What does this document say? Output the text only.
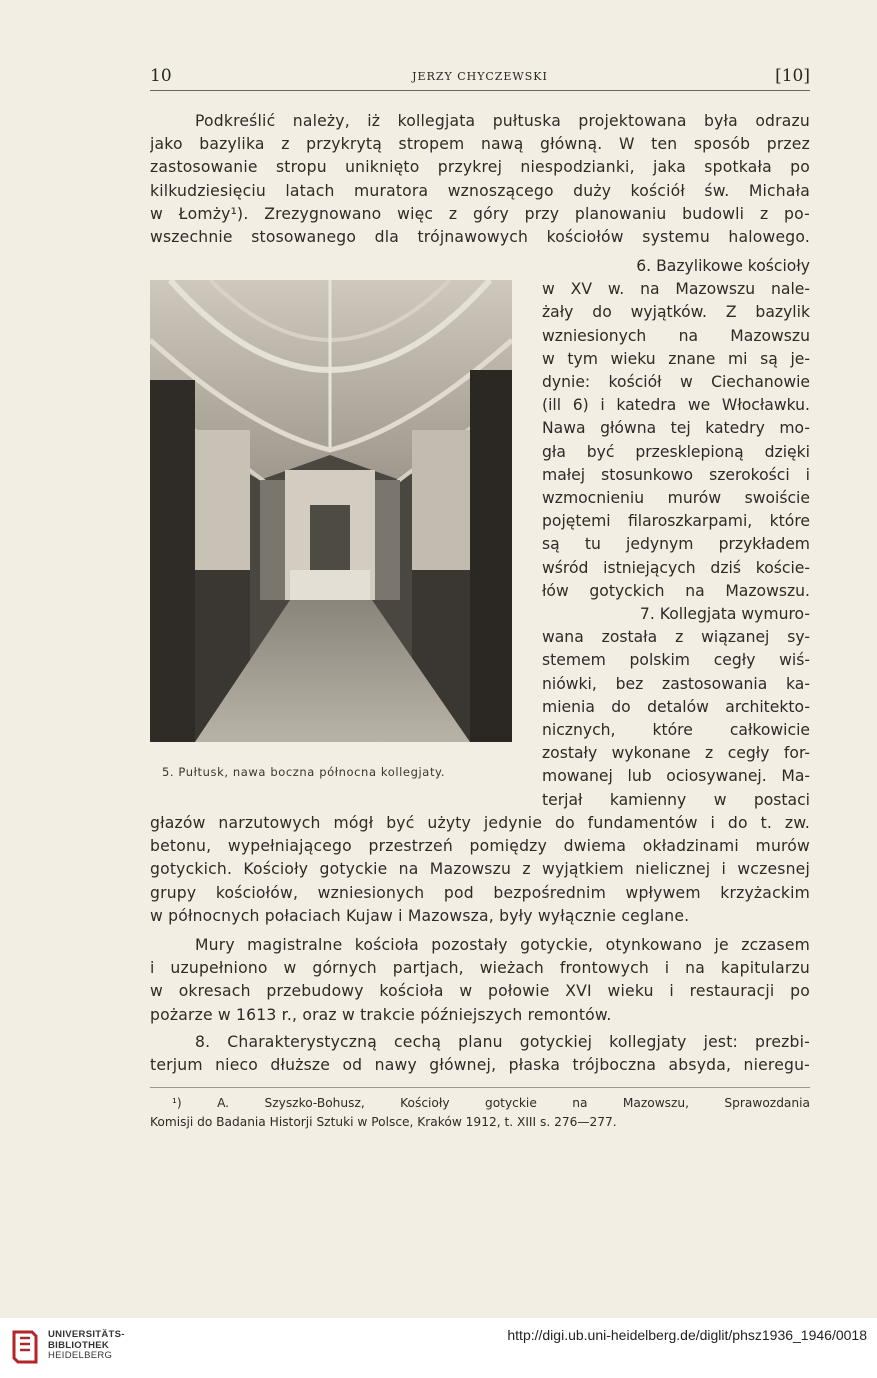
10	JERZY CHYCZEWSKI	[10]
Podkreślić należy, iż kollegjata pułtuska projektowana była odrazu
jako bazylika z przykrytą stropem nawą główną. W ten sposób przez
zastosowanie stropu uniknięto przykrej niespodzianki, jaka spotkała po
kilkudziesięciu latach muratora wznoszącego duży kościół św. Michała
w Łomży¹). Zrezygnowano więc z góry przy planowaniu budowli z po-
wszechnie stosowanego dla trójnawowych kościołów systemu halowego.
5. Pułtusk, nawa boczna północna kollegjaty.
6. Bazylikowe kościoły
w XV w. na Mazowszu nale-
żały do wyjątków. Z bazylik
wzniesionych na Mazowszu
w tym wieku znane mi są je-
dynie: kościół w Ciechanowie
(ill 6) i katedra we Włocławku.
Nawa główna tej katedry mo-
gła być przesklepioną dzięki
małej stosunkowo szerokości i
wzmocnieniu murów swoiście
pojętemi filaroszkarpami, które
są tu jedynym przykładem
wśród istniejących dziś koście-
łów gotyckich na Mazowszu.
7. Kollegjata wymuro-
wana została z wiązanej sy-
stemem polskim cegły wiś-
niówki, bez zastosowania ka-
mienia do detalów architekto-
nicznych, które całkowicie
zostały wykonane z cegły for-
mowanej lub ociosywanej. Ma-
terjał kamienny w postaci
głazów narzutowych mógł być użyty jedynie do fundamentów i do t. zw.
betonu, wypełniającego przestrzeń pomiędzy dwiema okładzinami murów
gotyckich. Kościoły gotyckie na Mazowszu z wyjątkiem nielicznej i wczesnej
grupy kościołów, wzniesionych pod bezpośrednim wpływem krzyżackim
w północnych połaciach Kujaw i Mazowsza, były wyłącznie ceglane.
Mury magistralne kościoła pozostały gotyckie, otynkowano je zczasem
i uzupełniono w górnych partjach, wieżach frontowych i na kapitularzu
w okresach przebudowy kościoła w połowie XVI wieku i restauracji po
pożarze w 1613 r., oraz w trakcie późniejszych remontów.
8. Charakterystyczną cechą planu gotyckiej kollegjaty jest: prezbi-
terjum nieco dłuższe od nawy głównej, płaska trójboczna absyda, nieregu-
¹) A. Szyszko-Bohusz, Kościoły gotyckie na Mazowszu, Sprawozdania
Komisji do Badania Historji Sztuki w Polsce, Kraków 1912, t. XIII s. 276—277.
UNIVERSITÄTS-
BIBLIOTHEK
HEIDELBERG
http://digi.ub.uni-heidelberg.de/diglit/phsz1936_1946/0018
